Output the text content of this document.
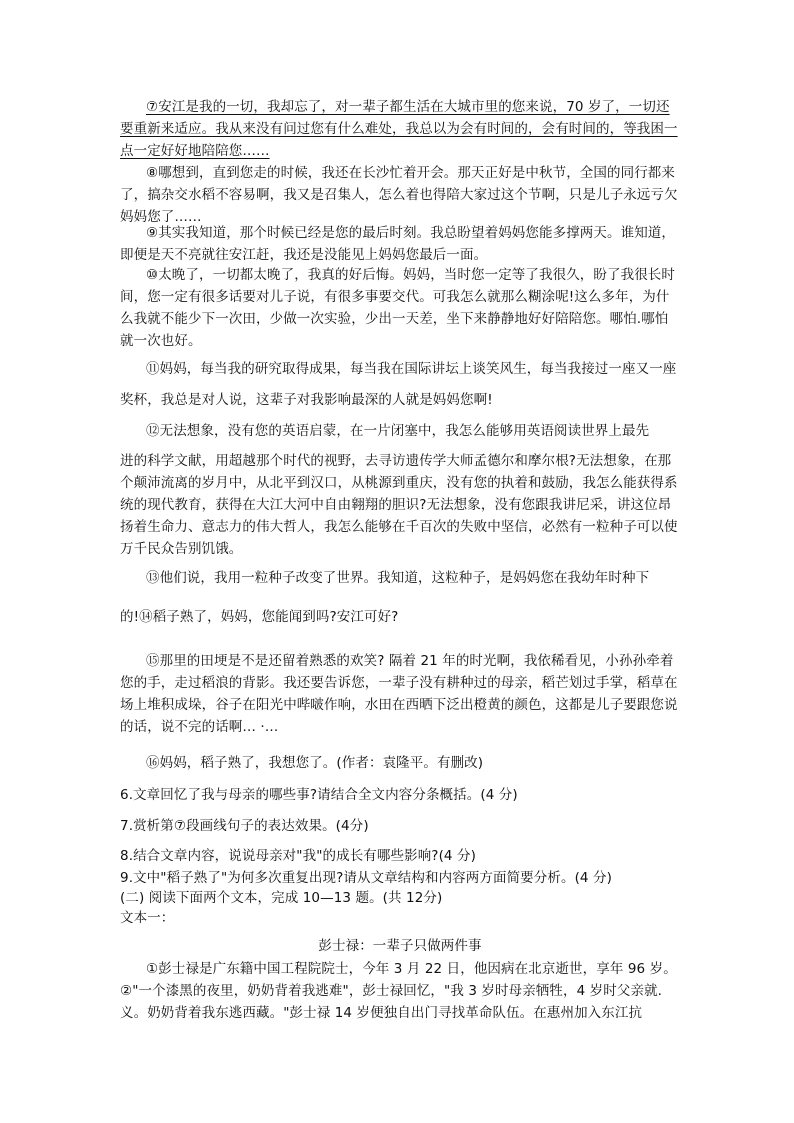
⑦安江是我的一切，我却忘了，对一辈子都生活在大城市里的您来说，70 岁了，一切还要重新来适应。我从来没有问过您有什么难处，我总以为会有时间的，会有时间的，等我困一点一定好好地陪陪您……

⑧哪想到，直到您走的时候，我还在长沙忙着开会。那天正好是中秋节，全国的同行都来了，搞杂交水稻不容易啊，我又是召集人，怎么着也得陪大家过这个节啊，只是儿子永远亏欠妈妈您了……

⑨其实我知道，那个时候已经是您的最后时刻。我总盼望着妈妈您能多撑两天。谁知道，即便是天不亮就往安江赶，我还是没能见上妈妈您最后一面。

⑩太晚了，一切都太晚了，我真的好后悔。妈妈，当时您一定等了我很久，盼了我很长时间，您一定有很多话要对儿子说，有很多事要交代。可我怎么就那么糊涂呢!这么多年，为什么我就不能少下一次田，少做一次实验，少出一天差，坐下来静静地好好陪陪您。哪怕.哪怕就一次也好。

⑪妈妈，每当我的研究取得成果，每当我在国际讲坛上谈笑风生，每当我接过一座又一座奖杯，我总是对人说，这辈子对我影响最深的人就是妈妈您啊!

⑫无法想象，没有您的英语启蒙，在一片闭塞中，我怎么能够用英语阅读世界上最先

进的科学文献，用超越那个时代的视野，去寻访遗传学大师孟德尔和摩尔根?无法想象，在那个颠沛流离的岁月中，从北平到汉口，从桃源到重庆，没有您的执着和鼓励，我怎么能获得系统的现代教育，获得在大江大河中自由翱翔的胆识?无法想象，没有您跟我讲尼采，讲这位昂扬着生命力、意志力的伟大哲人，我怎么能够在千百次的失败中坚信，必然有一粒种子可以使万千民众告别饥饿。

⑬他们说，我用一粒种子改变了世界。我知道，这粒种子，是妈妈您在我幼年时种下

的!⑭稻子熟了，妈妈，您能闻到吗?安江可好?

⑮那里的田埂是不是还留着熟悉的欢笑? 隔着 21 年的时光啊，我依稀看见，小孙孙牵着您的手，走过稻浪的背影。我还要告诉您，一辈子没有耕种过的母亲，稻芒划过手掌，稻草在场上堆积成垛，谷子在阳光中哔啵作响，水田在西晒下泛出橙黄的颜色，这都是儿子要跟您说的话，说不完的话啊… ·…

⑯妈妈，稻子熟了，我想您了。(作者：袁隆平。有删改)

6.文章回忆了我与母亲的哪些事?请结合全文内容分条概括。(4 分)

7.赏析第⑦段画线句子的表达效果。(4分)

8.结合文章内容，说说母亲对"我"的成长有哪些影响?(4 分)

9.文中"稻子熟了"为何多次重复出现?请从文章结构和内容两方面简要分析。(4 分)

(二) 阅读下面两个文本，完成 10—13 题。(共 12分)

文本一：

彭士禄：一辈子只做两件事

①彭士禄是广东籍中国工程院院士，今年 3 月 22 日，他因病在北京逝世，享年 96 岁。②"一个漆黑的夜里，奶奶背着我逃难"，彭士禄回忆，"我 3 岁时母亲牺牲，4 岁时父亲就.义。奶奶背着我东逃西藏。"彭士禄 14 岁便独自出门寻找革命队伍。在惠州加入东江抗
